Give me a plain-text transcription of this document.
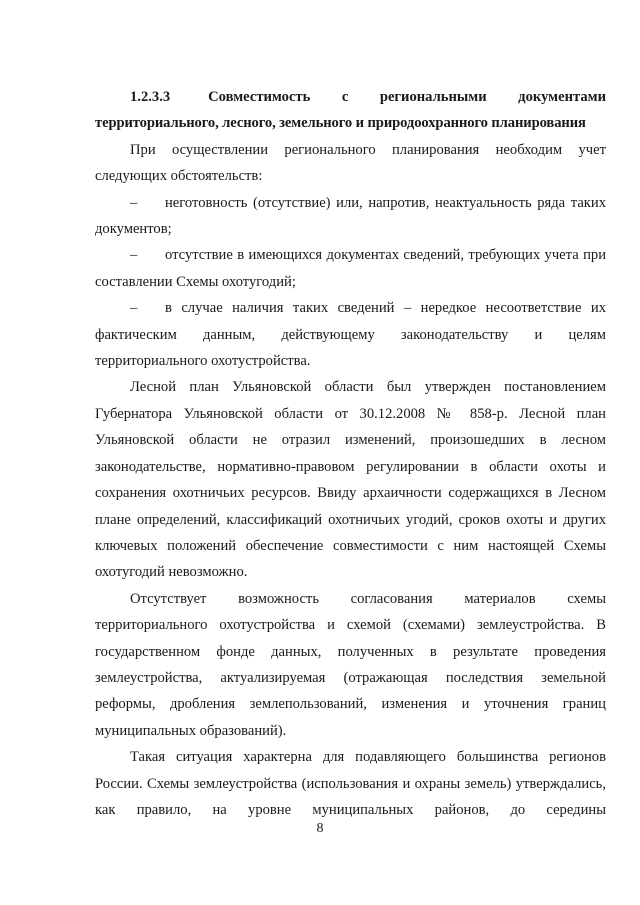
1.2.3.3	Совместимость с региональными документами

территориального, лесного, земельного и природоохранного планирования

При осуществлении регионального планирования необходим учет следующих обстоятельств:

– неготовность (отсутствие) или, напротив, неактуальность ряда таких документов;

– отсутствие в имеющихся документах сведений, требующих учета при составлении Схемы охотугодий;

– в случае наличия таких сведений – нередкое несоответствие их фактическим данным, действующему законодательству и целям территориального охотустройства.

Лесной план Ульяновской области был утвержден постановлением Губернатора Ульяновской области от 30.12.2008 № 858-р. Лесной план Ульяновской области не отразил изменений, произошедших в лесном законодательстве, нормативно-правовом регулировании в области охоты и сохранения охотничьих ресурсов. Ввиду архаичности содержащихся в Лесном плане определений, классификаций охотничьих угодий, сроков охоты и других ключевых положений обеспечение совместимости с ним настоящей Схемы охотугодий невозможно.

Отсутствует возможность согласования материалов схемы территориального охотустройства и схемой (схемами) землеустройства. В государственном фонде данных, полученных в результате проведения землеустройства, актуализируемая (отражающая последствия земельной реформы, дробления землепользований, изменения и уточнения границ муниципальных образований).

Такая ситуация характерна для подавляющего большинства регионов России. Схемы землеустройства (использования и охраны земель) утверждались, как правило, на уровне муниципальных районов, до середины

8
